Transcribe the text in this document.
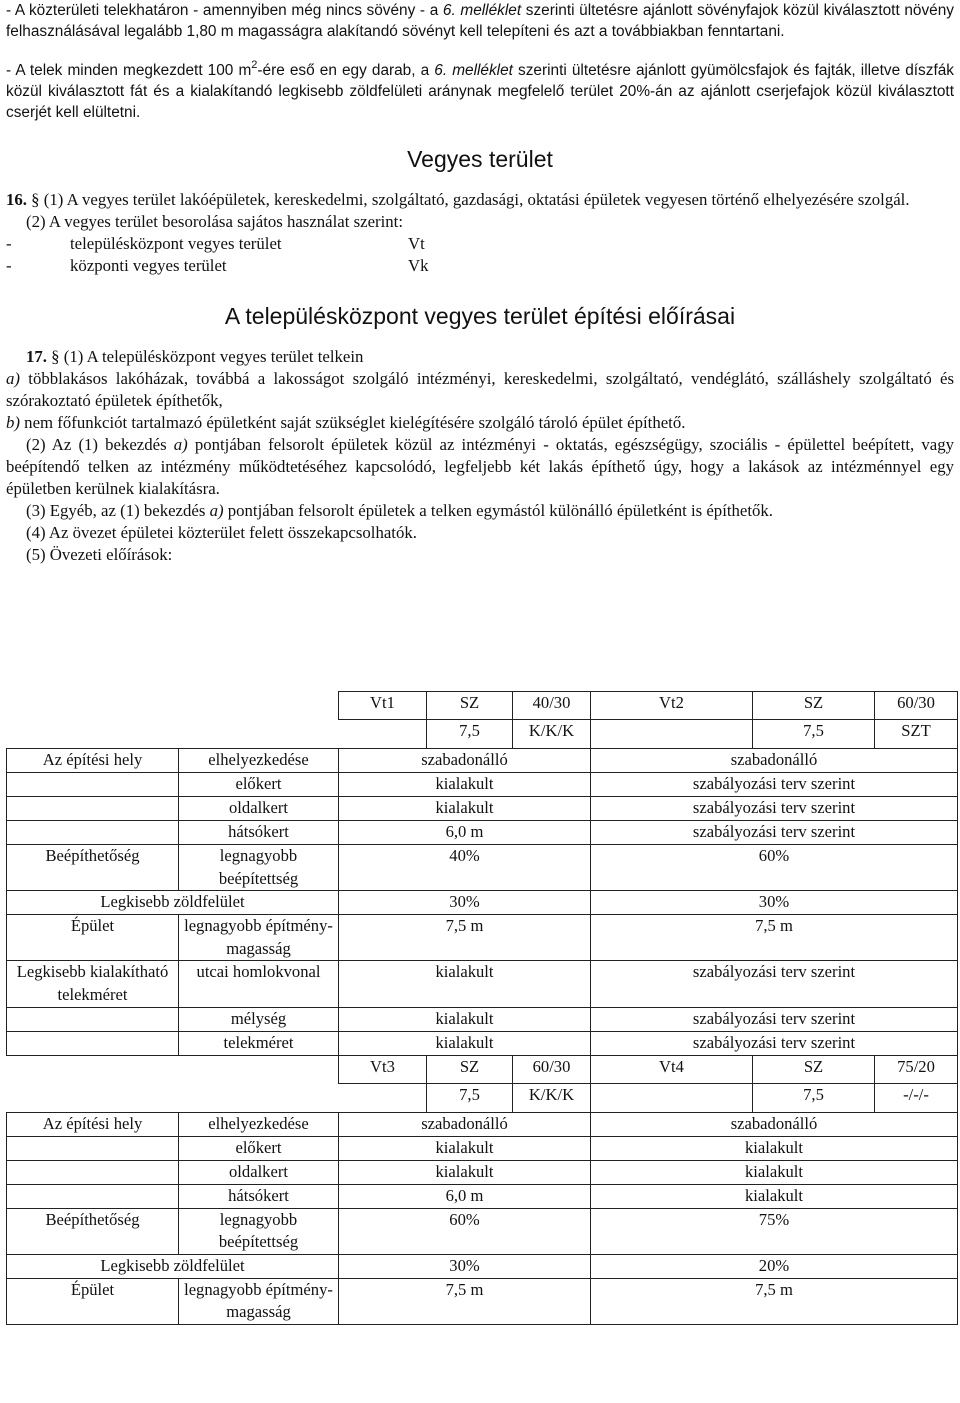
- A közterületi telekhatáron - amennyiben még nincs sövény - a 6. melléklet szerinti ültetésre ajánlott sövényfajok közül kiválasztott növény felhasználásával legalább 1,80 m magasságra alakítandó sövényt kell telepíteni és azt a továbbiakban fenntartani.

- A telek minden megkezdett 100 $m^2$-ére eső en egy darab, a 6. melléklet szerinti ültetésre ajánlott gyümölcsfajok és fajták, illetve díszfák közül kiválasztott fát és a kialakítandó legkisebb zöldfelületi aránynak megfelelő terület 20%-án az ajánlott cserjefajok közül kiválasztott cserjét kell elültetni.

Vegyes terület

16. § (1) A vegyes terület lakóépületek, kereskedelmi, szolgáltató, gazdasági, oktatási épületek vegyesen történő elhelyezésére szolgál.

(2) A vegyes terület besorolása sajátos használat szerint:

-	településközpont vegyes terület	Vt
-	központi vegyes terület	Vk
A településközpont vegyes terület építési előírásai

17. § (1) A településközpont vegyes terület telkein

a) többlakásos lakóházak, továbbá a lakosságot szolgáló intézményi, kereskedelmi, szolgáltató, vendéglátó, szálláshely szolgáltató és szórakoztató épületek építhetők,

b) nem főfunkciót tartalmazó épületként saját szükséglet kielégítésére szolgáló tároló épület építhető.

(2) Az (1) bekezdés a) pontjában felsorolt épületek közül az intézményi - oktatás, egészségügy, szociális - épülettel beépített, vagy beépítendő telken az intézmény működtetéséhez kapcsolódó, legfeljebb két lakás építhető úgy, hogy a lakások az intézménnyel egy épületben kerülnek kialakításra.

(3) Egyéb, az (1) bekezdés a) pontjában felsorolt épületek a telken egymástól különálló épületként is építhetők.

(4) Az övezet épületei közterület felett összekapcsolhatók.

(5) Övezeti előírások:

		Vt1	SZ	40/30	Vt2	SZ	60/30
			7,5	K/K/K		7,5	SZT
Az építési hely	elhelyezkedése	szabadonálló			szabadonálló		
	előkert	kialakult			szabályozási terv szerint		
	oldalkert	kialakult			szabályozási terv szerint		
	hátsókert	6,0 m			szabályozási terv szerint		
Beépíthetőség	legnagyobb beépítettség	40%			60%		
Legkisebb zöldfelület		30%			30%		
Épület	legnagyobb építmény-magasság	7,5 m			7,5 m		
Legkisebb kialakítható telekméret	utcai homlokvonal	kialakult			szabályozási terv szerint		
	mélység	kialakult			szabályozási terv szerint		
	telekméret	kialakult			szabályozási terv szerint		
		Vt3	SZ	60/30	Vt4	SZ	75/20
			7,5	K/K/K		7,5	-/-/-
Az építési hely	elhelyezkedése	szabadonálló			szabadonálló		
	előkert	kialakult			kialakult		
	oldalkert	kialakult			kialakult		
	hátsókert	6,0 m			kialakult		
Beépíthetőség	legnagyobb beépítettség	60%			75%		
Legkisebb zöldfelület		30%			20%		
Épület	legnagyobb építmény-magasság	7,5 m			7,5 m		
